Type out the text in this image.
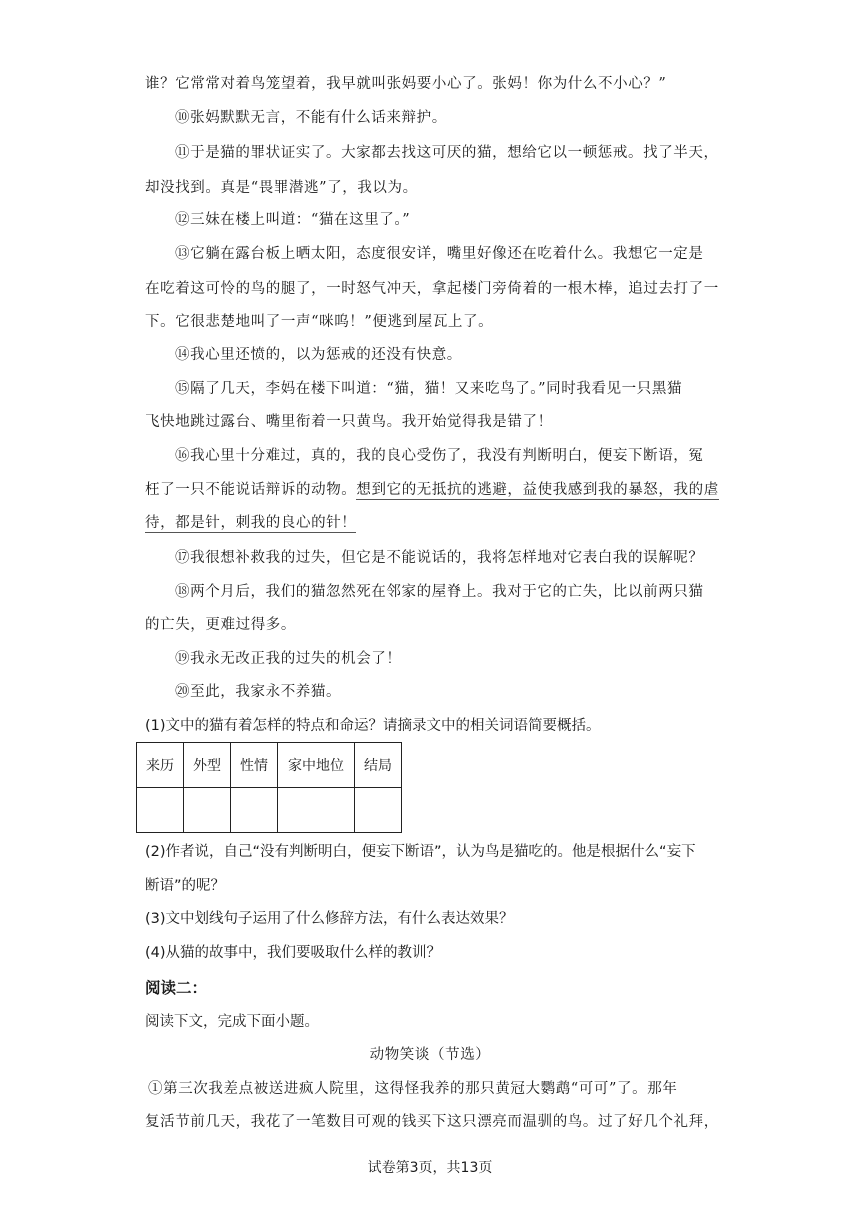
谁？它常常对着鸟笼望着，我早就叫张妈要小心了。张妈！你为什么不小心？”
⑩张妈默默无言，不能有什么话来辩护。
⑪于是猫的罪状证实了。大家都去找这可厌的猫，想给它以一顿惩戒。找了半天，
却没找到。真是“畏罪潜逃”了，我以为。
⑫三妹在楼上叫道：“猫在这里了。”
⑬它躺在露台板上晒太阳，态度很安详，嘴里好像还在吃着什么。我想它一定是
在吃着这可怜的鸟的腿了，一时怒气冲天，拿起楼门旁倚着的一根木棒，追过去打了一
下。它很悲楚地叫了一声“咪呜！”便逃到屋瓦上了。
⑭我心里还愤的，以为惩戒的还没有快意。
⑮隔了几天，李妈在楼下叫道：“猫，猫！又来吃鸟了。”同时我看见一只黑猫
飞快地跳过露台、嘴里衔着一只黄鸟。我开始觉得我是错了！
⑯我心里十分难过，真的，我的良心受伤了，我没有判断明白，便妄下断语，冤
枉了一只不能说话辩诉的动物。想到它的无抵抗的逃避，益使我感到我的暴怒，我的虐
待，都是针，刺我的良心的针！
⑰我很想补救我的过失，但它是不能说话的，我将怎样地对它表白我的误解呢？
⑱两个月后，我们的猫忽然死在邻家的屋脊上。我对于它的亡失，比以前两只猫
的亡失，更难过得多。
⑲我永无改正我的过失的机会了！
⑳至此，我家永不养猫。
(1)文中的猫有着怎样的特点和命运？请摘录文中的相关词语简要概括。
来历	外型	性情	家中地位	结局

(2)作者说，自己“没有判断明白，便妄下断语”，认为鸟是猫吃的。他是根据什么“妄下
断语”的呢？
(3)文中划线句子运用了什么修辞方法，有什么表达效果？
(4)从猫的故事中，我们要吸取什么样的教训？
阅读二：
阅读下文，完成下面小题。
动物笑谈（节选）
①第三次我差点被送进疯人院里，这得怪我养的那只黄冠大鹦鹉“可可”了。那年
复活节前几天，我花了一笔数目可观的钱买下这只漂亮而温驯的鸟。过了好几个礼拜，
试卷第3页，共13页
